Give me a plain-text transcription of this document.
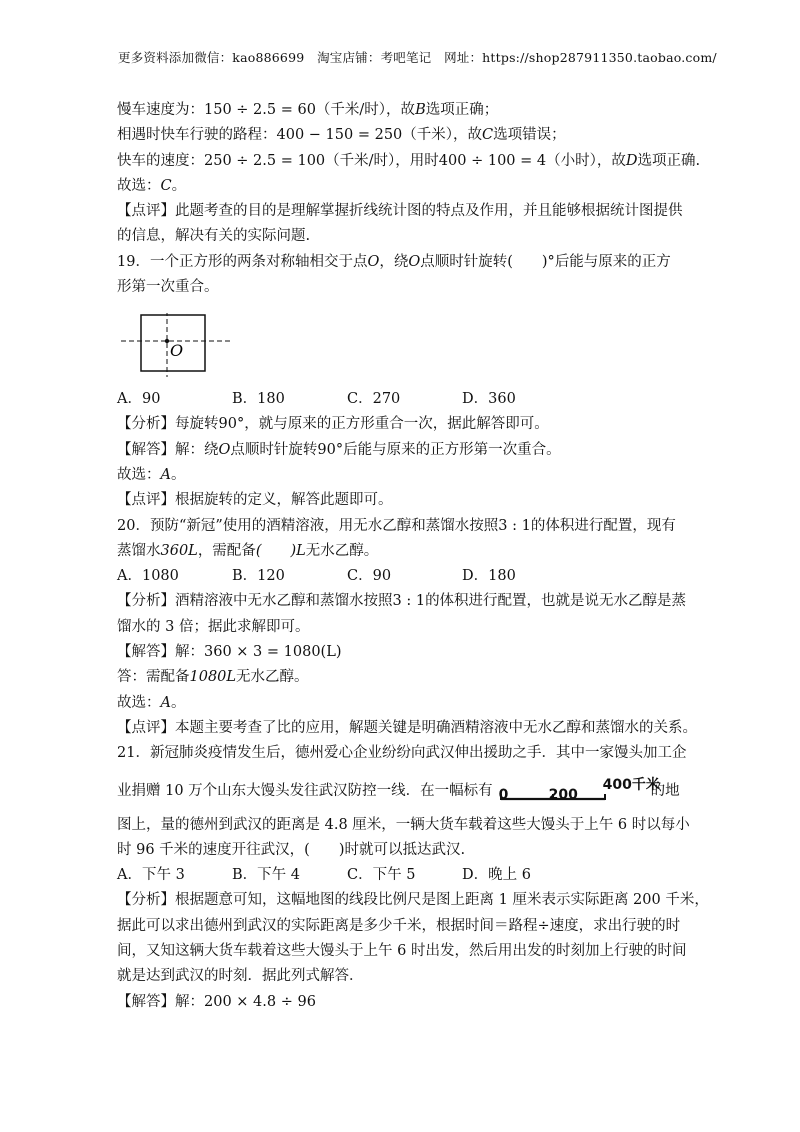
更多资料添加微信：kao886699　淘宝店铺：考吧笔记　网址：https://shop287911350.taobao.com/
慢车速度为：150 ÷ 2.5 = 60（千米/时），故B选项正确；
相遇时快车行驶的路程：400 − 150 = 250（千米），故C选项错误；
快车的速度：250 ÷ 2.5 = 100（千米/时），用时400 ÷ 100 = 4（小时），故D选项正确.
故选：C。
【点评】此题考查的目的是理解掌握折线统计图的特点及作用，并且能够根据统计图提供
的信息，解决有关的实际问题.
19．一个正方形的两条对称轴相交于点O，绕O点顺时针旋转(　　)°后能与原来的正方
形第一次重合。
O
A．90	B．180	C．270	D．360
【分析】每旋转90°，就与原来的正方形重合一次，据此解答即可。
【解答】解：绕O点顺时针旋转90°后能与原来的正方形第一次重合。
故选：A。
【点评】根据旋转的定义，解答此题即可。
20．预防“新冠”使用的酒精溶液，用无水乙醇和蒸馏水按照3 : 1的体积进行配置，现有
蒸馏水360L，需配备(　　)L无水乙醇。
A．1080	B．120	C．90	D．180
【分析】酒精溶液中无水乙醇和蒸馏水按照3 : 1的体积进行配置，也就是说无水乙醇是蒸
馏水的 3 倍；据此求解即可。
【解答】解：360 × 3 = 1080(L)
答：需配备1080L无水乙醇。
故选：A。
【点评】本题主要考查了比的应用，解题关键是明确酒精溶液中无水乙醇和蒸馏水的关系。
21．新冠肺炎疫情发生后，德州爱心企业纷纷向武汉伸出援助之手．其中一家馒头加工企
业捐赠 10 万个山东大馒头发往武汉防控一线．在一幅标有 0	200
400千米
的地
图上，量的德州到武汉的距离是 4.8 厘米，一辆大货车载着这些大馒头于上午 6 时以每小
时 96 千米的速度开往武汉，(　　)时就可以抵达武汉.
A．下午 3	B．下午 4	C．下午 5	D．晚上 6
【分析】根据题意可知，这幅地图的线段比例尺是图上距离 1 厘米表示实际距离 200 千米，
据此可以求出德州到武汉的实际距离是多少千米，根据时间＝路程÷速度，求出行驶的时
间，又知这辆大货车载着这些大馒头于上午 6 时出发，然后用出发的时刻加上行驶的时间
就是达到武汉的时刻．据此列式解答．
【解答】解：200 × 4.8 ÷ 96
